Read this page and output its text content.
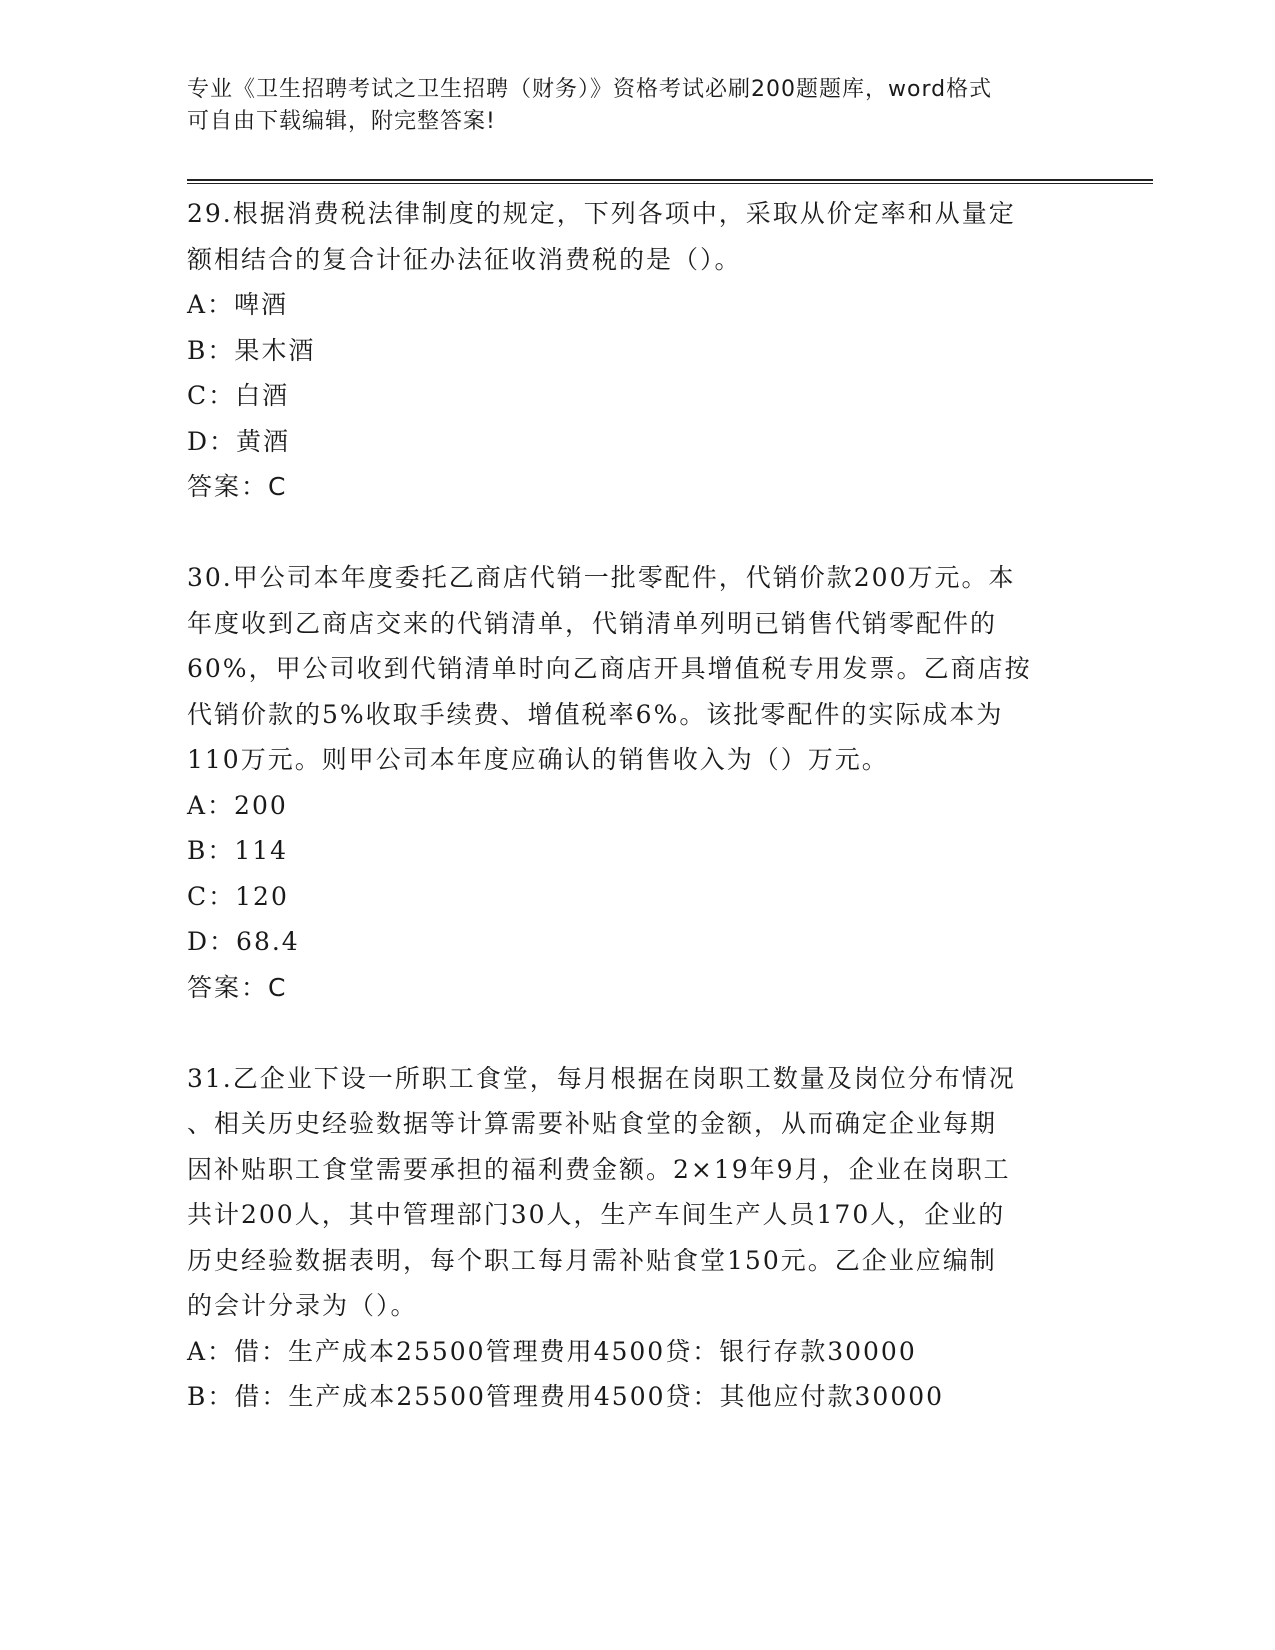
专业《卫生招聘考试之卫生招聘（财务）》资格考试必刷200题题库，word格式
可自由下载编辑，附完整答案!

29.根据消费税法律制度的规定，下列各项中，采取从价定率和从量定

额相结合的复合计征办法征收消费税的是（）。

A：啤酒

B：果木酒

C：白酒

D：黄酒

答案：C

30.甲公司本年度委托乙商店代销一批零配件，代销价款200万元。本

年度收到乙商店交来的代销清单，代销清单列明已销售代销零配件的

60%，甲公司收到代销清单时向乙商店开具增值税专用发票。乙商店按

代销价款的5%收取手续费、增值税率6%。该批零配件的实际成本为

110万元。则甲公司本年度应确认的销售收入为（）万元。

A：200

B：114

C：120

D：68.4

答案：C

31.乙企业下设一所职工食堂，每月根据在岗职工数量及岗位分布情况

、相关历史经验数据等计算需要补贴食堂的金额，从而确定企业每期

因补贴职工食堂需要承担的福利费金额。2×19年9月，企业在岗职工

共计200人，其中管理部门30人，生产车间生产人员170人，企业的

历史经验数据表明，每个职工每月需补贴食堂150元。乙企业应编制

的会计分录为（）。

A：借：生产成本25500管理费用4500贷：银行存款30000

B：借：生产成本25500管理费用4500贷：其他应付款30000
